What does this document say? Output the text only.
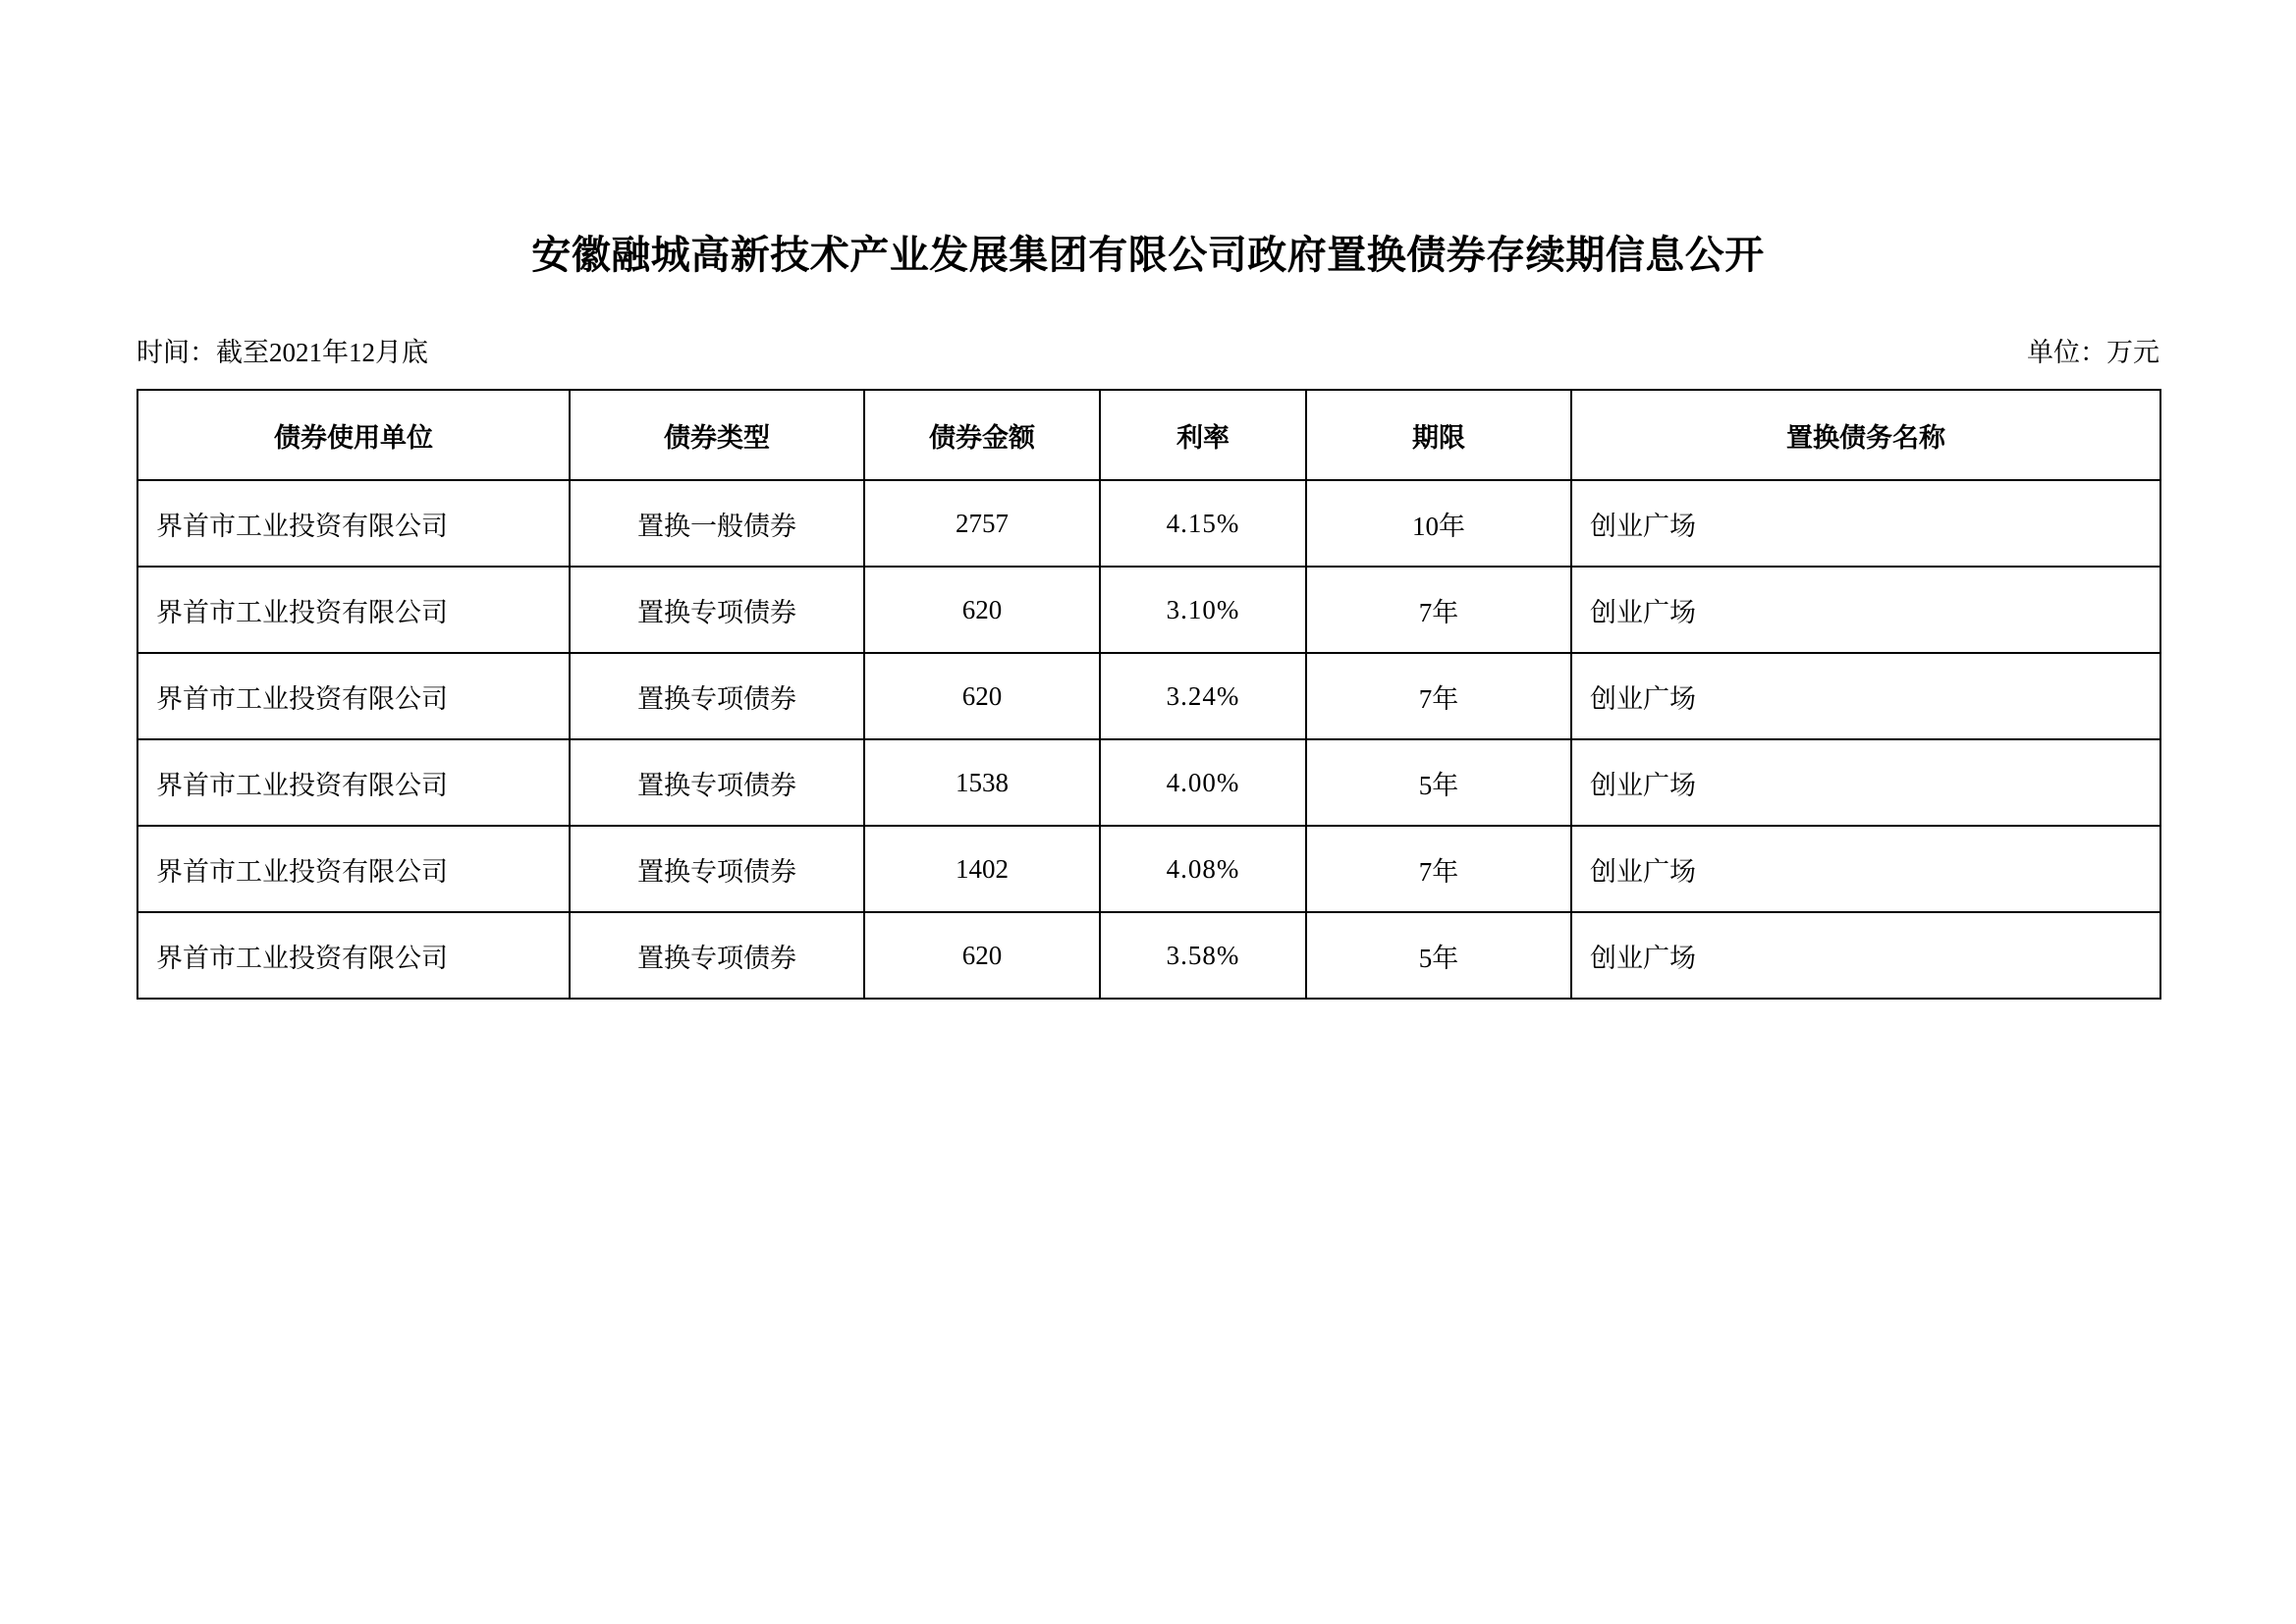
安徽融城高新技术产业发展集团有限公司政府置换债券存续期信息公开
时间：截至2021年12月底	单位：万元
债券使用单位	债券类型	债券金额	利率	期限	置换债务名称
界首市工业投资有限公司	置换一般债券	2757	4.15%	10年	创业广场
界首市工业投资有限公司	置换专项债券	620	3.10%	7年	创业广场
界首市工业投资有限公司	置换专项债券	620	3.24%	7年	创业广场
界首市工业投资有限公司	置换专项债券	1538	4.00%	5年	创业广场
界首市工业投资有限公司	置换专项债券	1402	4.08%	7年	创业广场
界首市工业投资有限公司	置换专项债券	620	3.58%	5年	创业广场
